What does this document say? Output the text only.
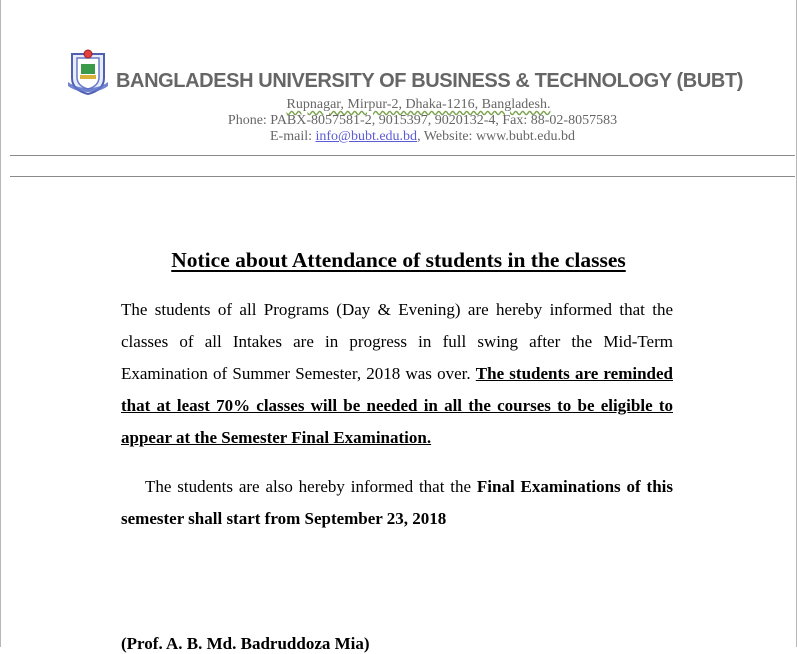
BANGLADESH UNIVERSITY OF BUSINESS & TECHNOLOGY (BUBT)
Rupnagar, Mirpur-2, Dhaka-1216, Bangladesh.
Phone: PABX-8057581-2, 9015397, 9020132-4, Fax: 88-02-8057583
E-mail: info@bubt.edu.bd, Website: www.bubt.edu.bd
Notice about Attendance of students in the classes
The students of all Programs (Day & Evening) are hereby informed that the classes of all Intakes are in progress in full swing after the Mid-Term Examination of Summer Semester, 2018 was over. The students are reminded that at least 70% classes will be needed in all the courses to be eligible to appear at the Semester Final Examination.
The students are also hereby informed that the Final Examinations of this semester shall start from September 23, 2018
(Prof. A. B. Md. Badruddoza Mia)
